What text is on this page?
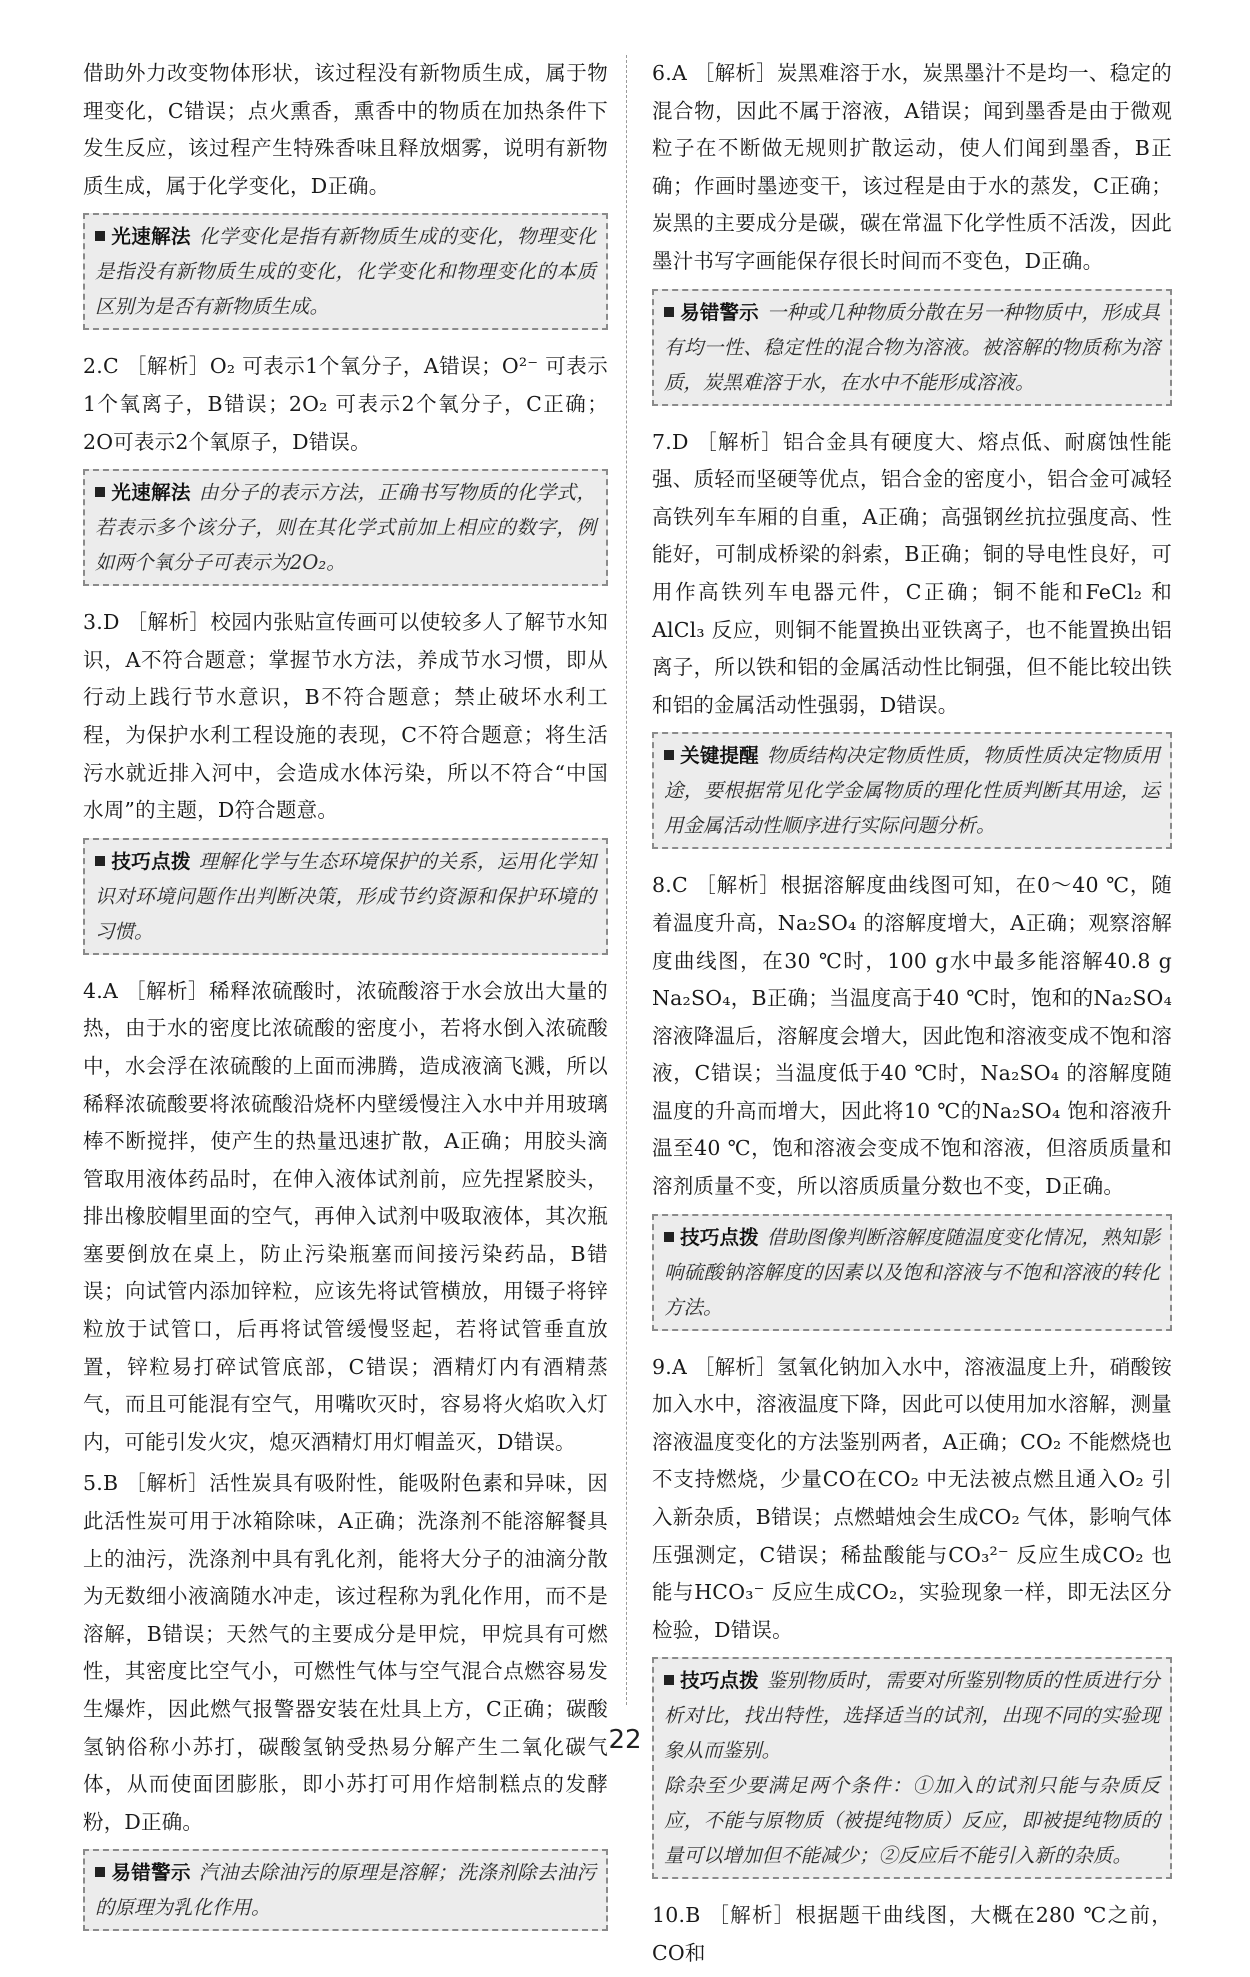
借助外力改变物体形状，该过程没有新物质生成，属于物理变化，C错误；点火熏香，熏香中的物质在加热条件下发生反应，该过程产生特殊香味且释放烟雾，说明有新物质生成，属于化学变化，D正确。

光速解法 化学变化是指有新物质生成的变化，物理变化是指没有新物质生成的变化，化学变化和物理变化的本质区别为是否有新物质生成。

2.C ［解析］O₂ 可表示1个氧分子，A错误；O²⁻ 可表示1个氧离子，B错误；2O₂ 可表示2个氧分子，C正确；2O可表示2个氧原子，D错误。

光速解法 由分子的表示方法，正确书写物质的化学式，若表示多个该分子，则在其化学式前加上相应的数字，例如两个氧分子可表示为2O₂。

3.D ［解析］校园内张贴宣传画可以使较多人了解节水知识，A不符合题意；掌握节水方法，养成节水习惯，即从行动上践行节水意识，B不符合题意；禁止破坏水利工程，为保护水利工程设施的表现，C不符合题意；将生活污水就近排入河中，会造成水体污染，所以不符合“中国水周”的主题，D符合题意。

技巧点拨 理解化学与生态环境保护的关系，运用化学知识对环境问题作出判断决策，形成节约资源和保护环境的习惯。

4.A ［解析］稀释浓硫酸时，浓硫酸溶于水会放出大量的热，由于水的密度比浓硫酸的密度小，若将水倒入浓硫酸中，水会浮在浓硫酸的上面而沸腾，造成液滴飞溅，所以稀释浓硫酸要将浓硫酸沿烧杯内壁缓慢注入水中并用玻璃棒不断搅拌，使产生的热量迅速扩散，A正确；用胶头滴管取用液体药品时，在伸入液体试剂前，应先捏紧胶头，排出橡胶帽里面的空气，再伸入试剂中吸取液体，其次瓶塞要倒放在桌上，防止污染瓶塞而间接污染药品，B错误；向试管内添加锌粒，应该先将试管横放，用镊子将锌粒放于试管口，后再将试管缓慢竖起，若将试管垂直放置，锌粒易打碎试管底部，C错误；酒精灯内有酒精蒸气，而且可能混有空气，用嘴吹灭时，容易将火焰吹入灯内，可能引发火灾，熄灭酒精灯用灯帽盖灭，D错误。

5.B ［解析］活性炭具有吸附性，能吸附色素和异味，因此活性炭可用于冰箱除味，A正确；洗涤剂不能溶解餐具上的油污，洗涤剂中具有乳化剂，能将大分子的油滴分散为无数细小液滴随水冲走，该过程称为乳化作用，而不是溶解，B错误；天然气的主要成分是甲烷，甲烷具有可燃性，其密度比空气小，可燃性气体与空气混合点燃容易发生爆炸，因此燃气报警器安装在灶具上方，C正确；碳酸氢钠俗称小苏打，碳酸氢钠受热易分解产生二氧化碳气体，从而使面团膨胀，即小苏打可用作焙制糕点的发酵粉，D正确。

易错警示 汽油去除油污的原理是溶解；洗涤剂除去油污的原理为乳化作用。

6.A ［解析］炭黑难溶于水，炭黑墨汁不是均一、稳定的混合物，因此不属于溶液，A错误；闻到墨香是由于微观粒子在不断做无规则扩散运动，使人们闻到墨香，B正确；作画时墨迹变干，该过程是由于水的蒸发，C正确；炭黑的主要成分是碳，碳在常温下化学性质不活泼，因此墨汁书写字画能保存很长时间而不变色，D正确。

易错警示 一种或几种物质分散在另一种物质中，形成具有均一性、稳定性的混合物为溶液。被溶解的物质称为溶质，炭黑难溶于水，在水中不能形成溶液。

7.D ［解析］铝合金具有硬度大、熔点低、耐腐蚀性能强、质轻而坚硬等优点，铝合金的密度小，铝合金可减轻高铁列车车厢的自重，A正确；高强钢丝抗拉强度高、性能好，可制成桥梁的斜索，B正确；铜的导电性良好，可用作高铁列车电器元件，C正确；铜不能和FeCl₂ 和AlCl₃ 反应，则铜不能置换出亚铁离子，也不能置换出铝离子，所以铁和铝的金属活动性比铜强，但不能比较出铁和铝的金属活动性强弱，D错误。

关键提醒 物质结构决定物质性质，物质性质决定物质用途，要根据常见化学金属物质的理化性质判断其用途，运用金属活动性顺序进行实际问题分析。

8.C ［解析］根据溶解度曲线图可知，在0～40 ℃，随着温度升高，Na₂SO₄ 的溶解度增大，A正确；观察溶解度曲线图，在30 ℃时，100 g水中最多能溶解40.8 g Na₂SO₄，B正确；当温度高于40 ℃时，饱和的Na₂SO₄ 溶液降温后，溶解度会增大，因此饱和溶液变成不饱和溶液，C错误；当温度低于40 ℃时，Na₂SO₄ 的溶解度随温度的升高而增大，因此将10 ℃的Na₂SO₄ 饱和溶液升温至40 ℃，饱和溶液会变成不饱和溶液，但溶质质量和溶剂质量不变，所以溶质质量分数也不变，D正确。

技巧点拨 借助图像判断溶解度随温度变化情况，熟知影响硫酸钠溶解度的因素以及饱和溶液与不饱和溶液的转化方法。

9.A ［解析］氢氧化钠加入水中，溶液温度上升，硝酸铵加入水中，溶液温度下降，因此可以使用加水溶解，测量溶液温度变化的方法鉴别两者，A正确；CO₂ 不能燃烧也不支持燃烧，少量CO在CO₂ 中无法被点燃且通入O₂ 引入新杂质，B错误；点燃蜡烛会生成CO₂ 气体，影响气体压强测定，C错误；稀盐酸能与CO₃²⁻ 反应生成CO₂ 也能与HCO₃⁻ 反应生成CO₂，实验现象一样，即无法区分检验，D错误。

技巧点拨 鉴别物质时，需要对所鉴别物质的性质进行分析对比，找出特性，选择适当的试剂，出现不同的实验现象从而鉴别。
除杂至少要满足两个条件：①加入的试剂只能与杂质反应，不能与原物质（被提纯物质）反应，即被提纯物质的量可以增加但不能减少；②反应后不能引入新的杂质。

10.B ［解析］根据题干曲线图，大概在280 ℃之前，CO和

22
